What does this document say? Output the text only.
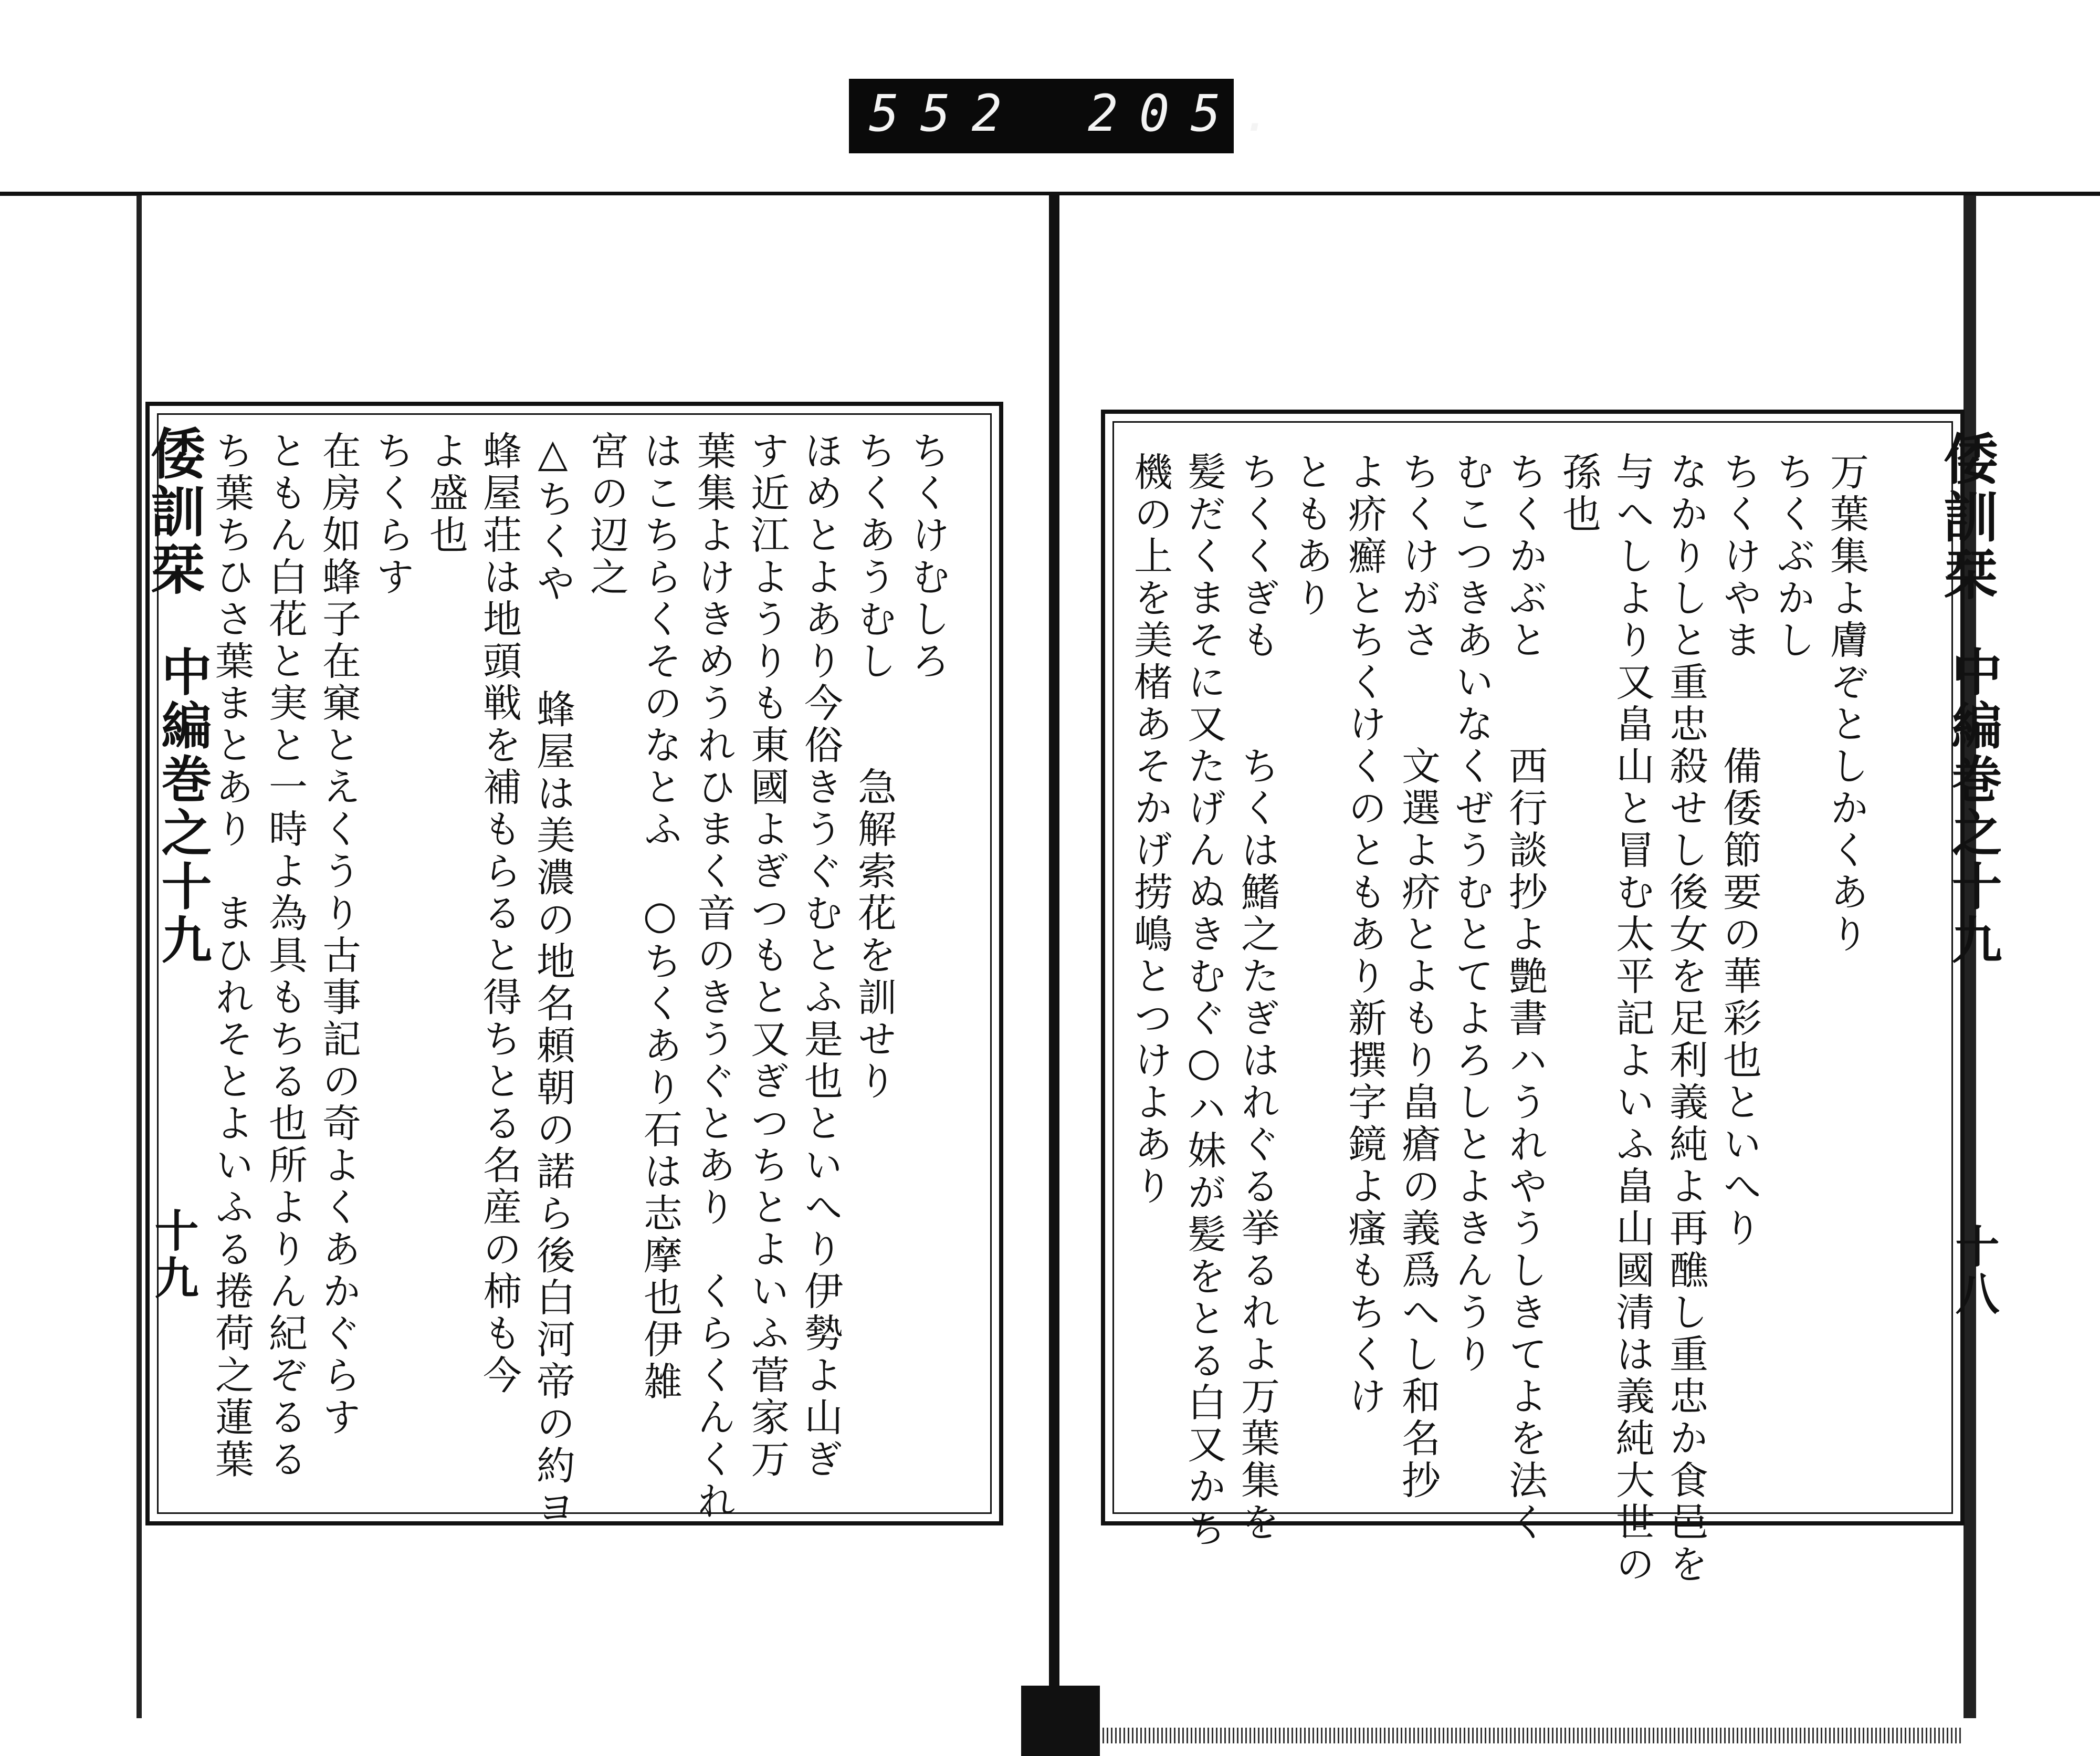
552 205.
倭訓栞
中編巻之十九
十九
倭訓栞
中編巻之十九
十八
万葉集よ膚ぞとしかくあり
ちくぶかし
ちくけやま　　備倭節要の華彩也といへり
なかりしと重忠殺せし後女を足利義純よ再醮し重忠か食邑を
与へしより又畠山と冒む太平記よいふ畠山國清は義純大世の
孫也
ちくかぶと　　西行談抄よ艶書ハうれやうしきてよを法く
むこつきあいなくぜうむとてよろしとよきんうり
ちくけがさ　　文選よ疥とよもり畠瘡の義爲へし和名抄
よ疥癬とちくけくのともあり新撰字鏡よ瘙もちくけ
ともあり
ちくくぎも　　ちくは鰭之たぎはれぐる挙るれよ万葉集を
髪だくまそに又たげんぬきむぐ○ハ妹が髪をとる白又かち
機の上を美楮あそかげ捞嶋とつけよあり
ちくけむしろ
ちくあうむし　　急解索花を訓せり
ほめとよあり今俗きうぐむとふ是也といへり伊勢よ山ぎ
す近江ようりも東國よぎつもと又ぎつちとよいふ菅家万
葉集よけきめうれひまく音のきうぐとあり　くらくんくれ
はこちらくそのなとふ　○ちくあり石は志摩也伊雑
宮の辺之
△ちくや　　蜂屋は美濃の地名頼朝の諾ら後白河帝の約ヨ
蜂屋荘は地頭戦を補もらると得ちとる名産の柿も今
よ盛也
ちくらす
在房如蜂子在窠とえくうり古事記の奇よくあかぐらす
ともん白花と実と一時よ為具もちる也所よりん紀ぞるる
ち葉ちひさ葉まとあり　まひれそとよいふる捲荷之蓮葉
